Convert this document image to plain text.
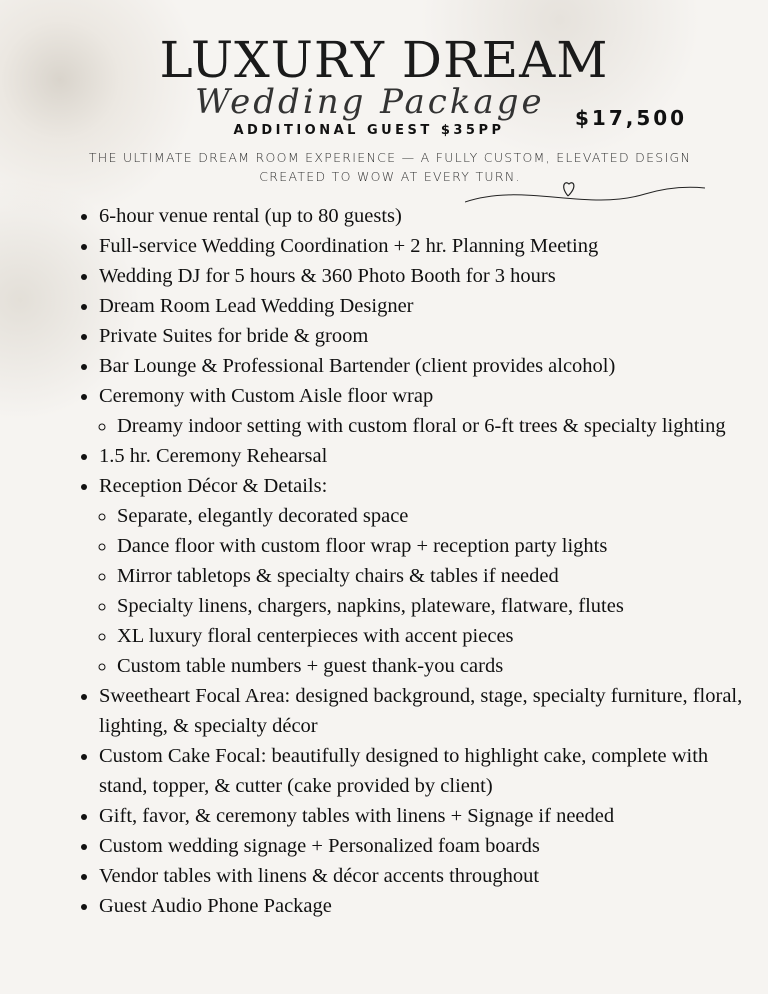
LUXURY DREAM
Wedding Package $17,500
ADDITIONAL GUEST $35PP
THE ULTIMATE DREAM ROOM EXPERIENCE — A FULLY CUSTOM, ELEVATED DESIGN CREATED TO WOW AT EVERY TURN.
• 6-hour venue rental (up to 80 guests)
• Full-service Wedding Coordination + 2 hr. Planning Meeting
• Wedding DJ for 5 hours & 360 Photo Booth for 3 hours
• Dream Room Lead Wedding Designer
• Private Suites for bride & groom
• Bar Lounge & Professional Bartender (client provides alcohol)
• Ceremony with Custom Aisle floor wrap
◦ Dreamy indoor setting with custom floral or 6-ft trees & specialty lighting
• 1.5 hr. Ceremony Rehearsal
• Reception Décor & Details:
◦ Separate, elegantly decorated space
◦ Dance floor with custom floor wrap + reception party lights
◦ Mirror tabletops & specialty chairs & tables if needed
◦ Specialty linens, chargers, napkins, plateware, flatware, flutes
◦ XL luxury floral centerpieces with accent pieces
◦ Custom table numbers + guest thank-you cards
• Sweetheart Focal Area: designed background, stage, specialty furniture, floral, lighting, & specialty décor
• Custom Cake Focal: beautifully designed to highlight cake, complete with stand, topper, & cutter (cake provided by client)
• Gift, favor, & ceremony tables with linens + Signage if needed
• Custom wedding signage + Personalized foam boards
• Vendor tables with linens & décor accents throughout
• Guest Audio Phone Package
